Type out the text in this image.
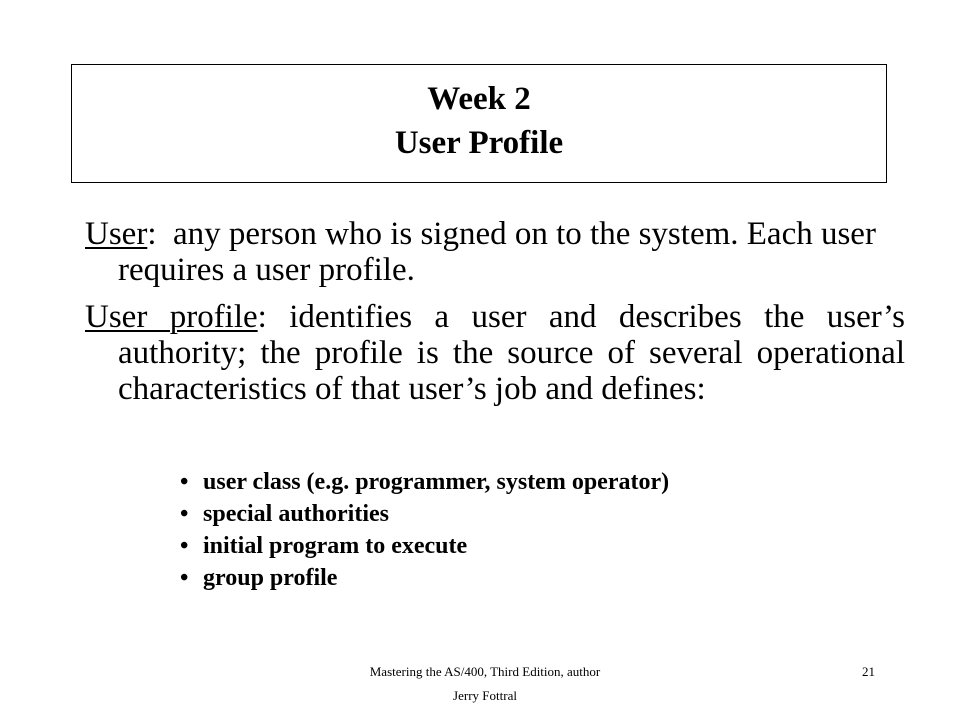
Week 2
User Profile

User:  any person who is signed on to the system. Each user requires a user profile.

User profile: identifies a user and describes the user’s authority; the profile is the source of several operational characteristics of that user’s job and defines:

• user class (e.g. programmer, system operator)
• special authorities
• initial program to execute
• group profile
Mastering the AS/400, Third Edition, author
Jerry Fottral
21
